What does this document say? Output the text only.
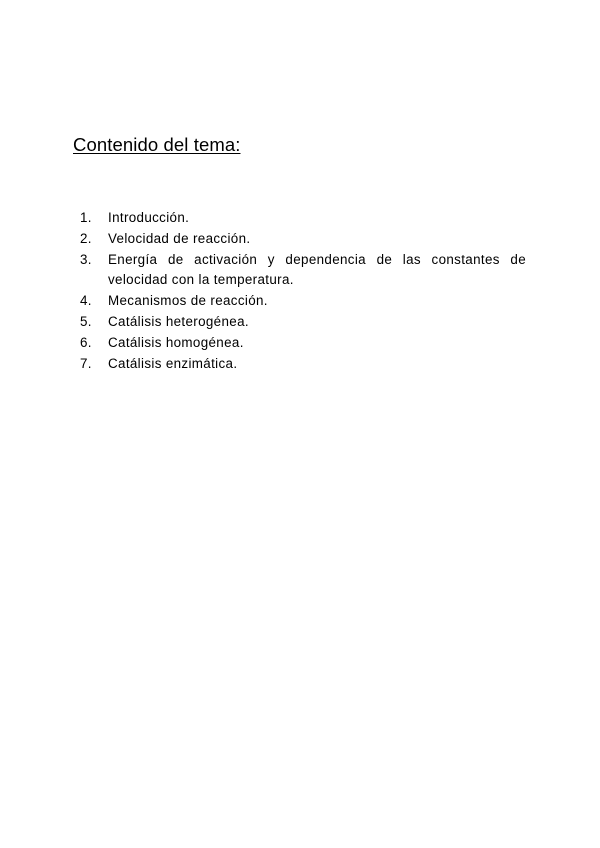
Contenido del tema:
1.	Introducción.
2.	Velocidad de reacción.
3.	Energía de activación y dependencia de las constantes de velocidad con la temperatura.
4.	Mecanismos de reacción.
5.	Catálisis heterogénea.
6.	Catálisis homogénea.
7.	Catálisis enzimática.
